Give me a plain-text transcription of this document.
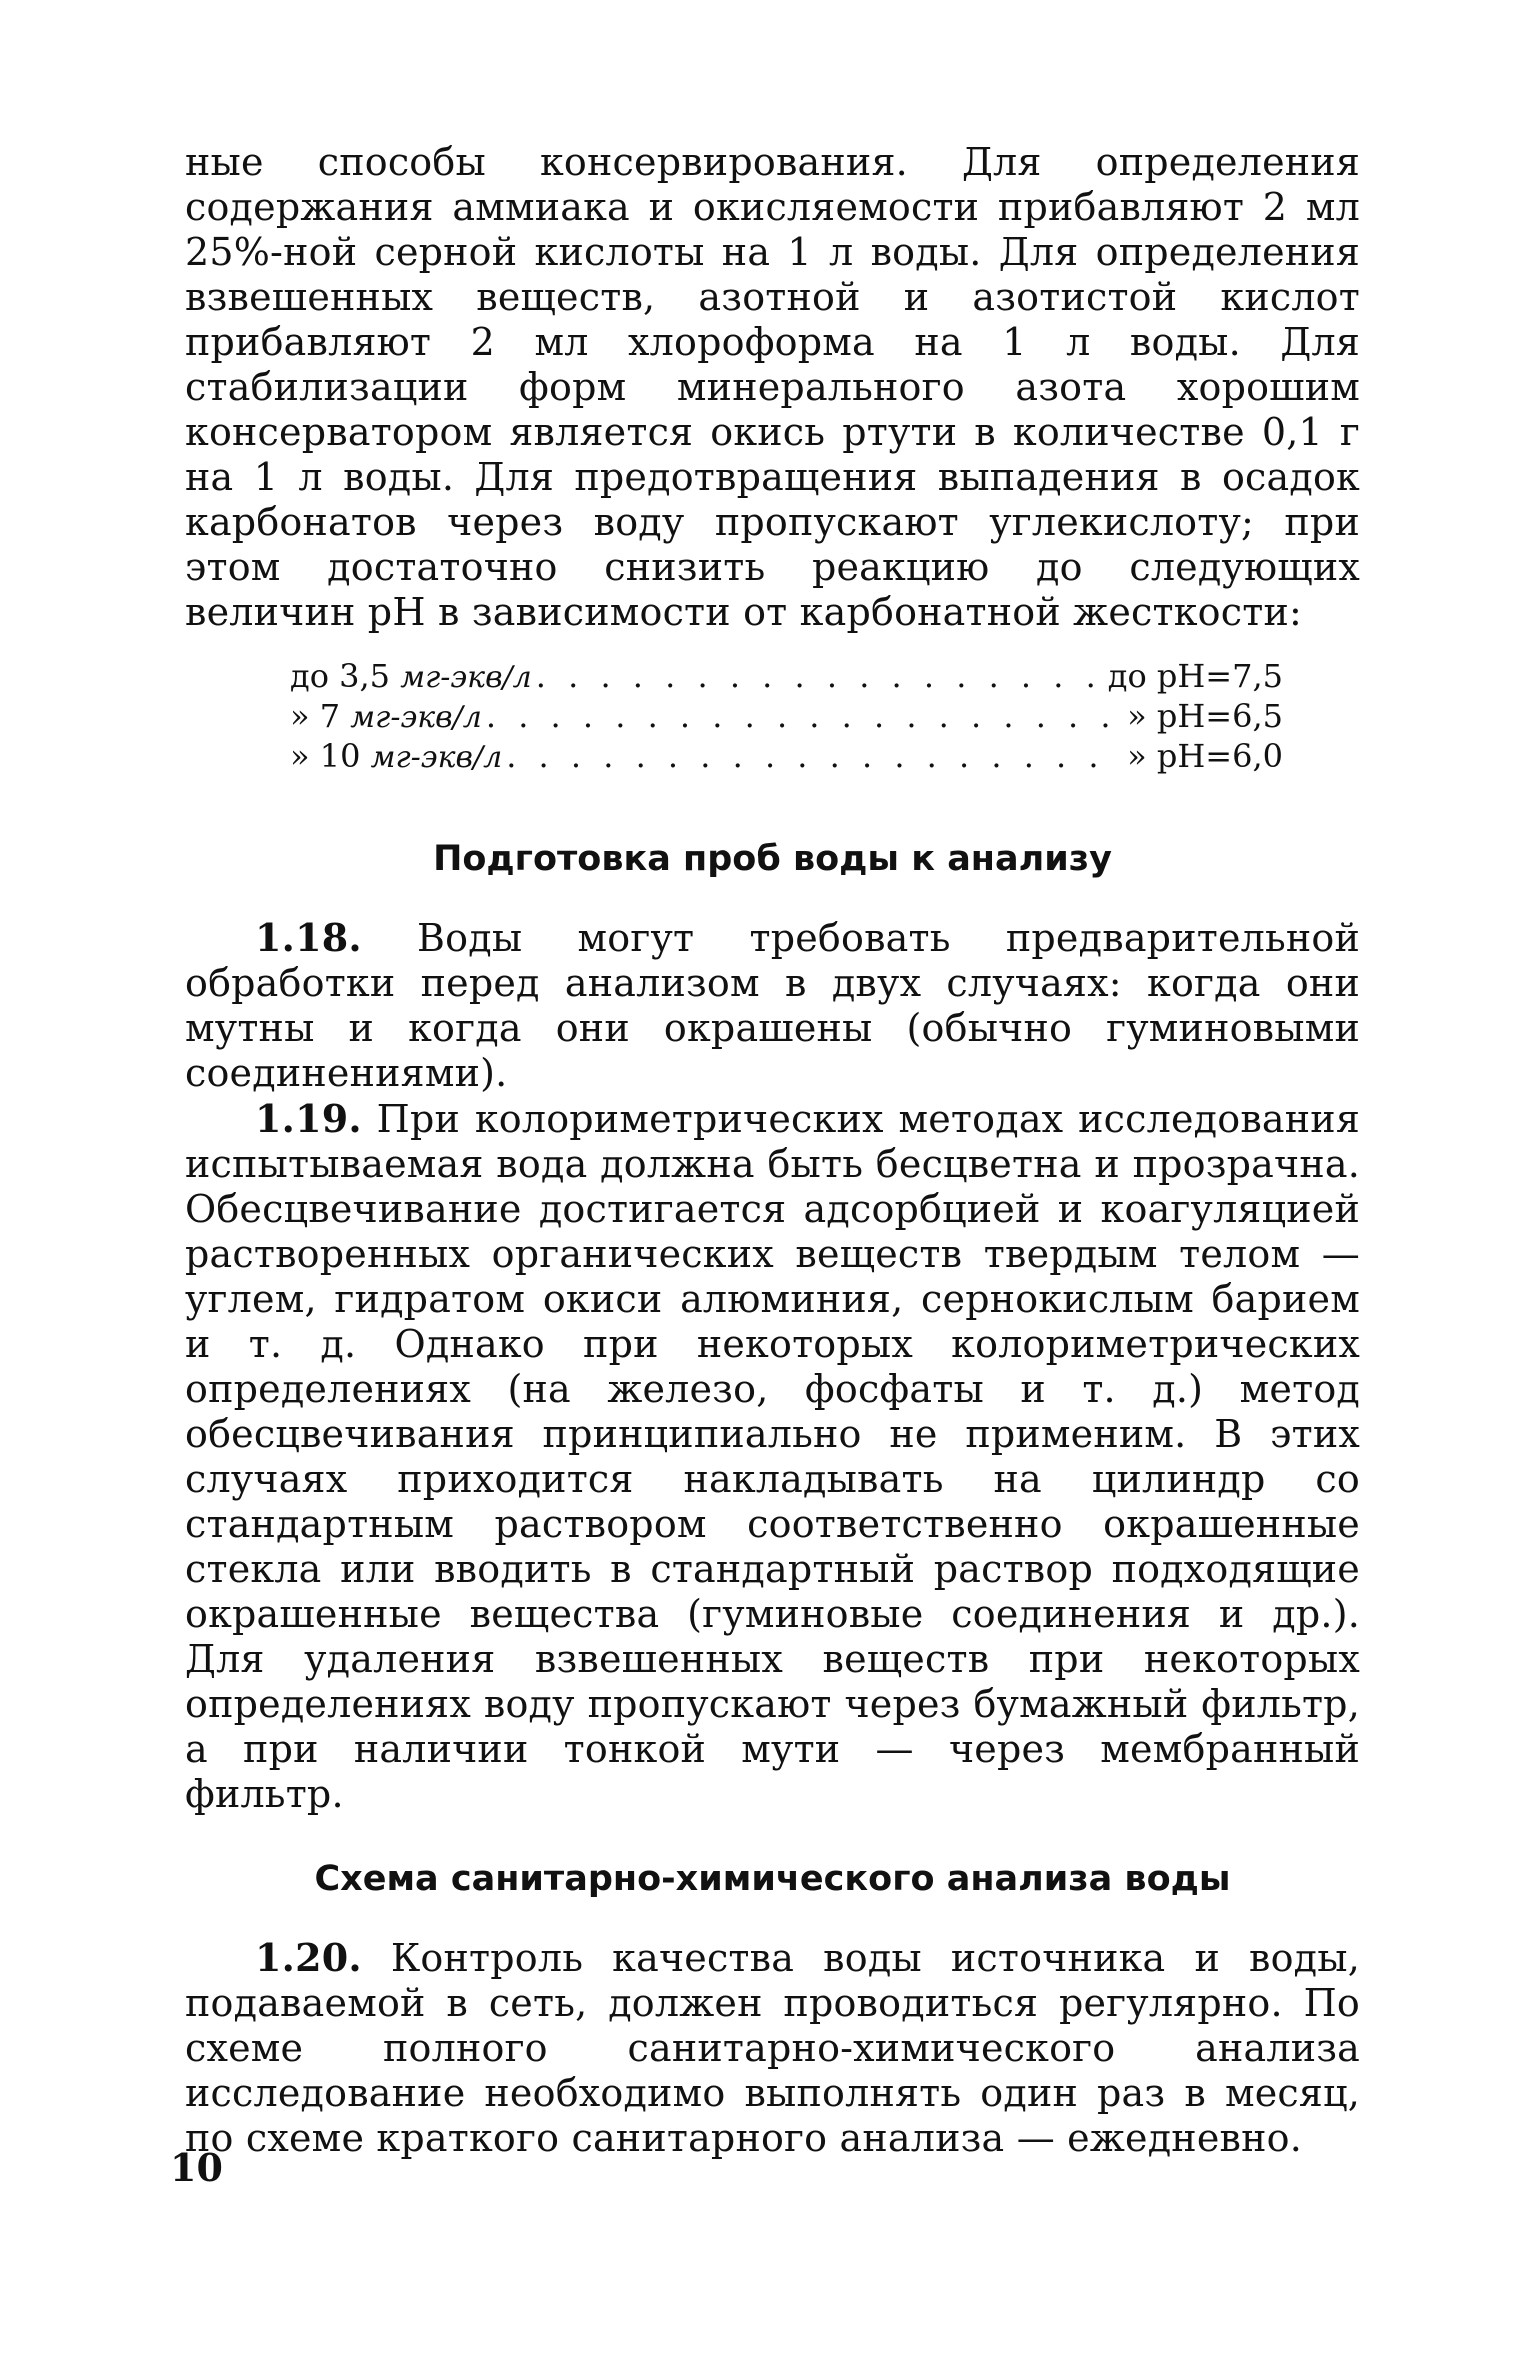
ные способы консервирования. Для определения содержания аммиака и окисляемости прибавляют 2 мл 25%-ной серной кислоты на 1 л воды. Для определения взвешенных веществ, азотной и азотистой кислот прибавляют 2 мл хлороформа на 1 л воды. Для стабилизации форм минерального азота хорошим консерватором является окись ртути в количестве 0,1 г на 1 л воды. Для предотвращения выпадения в осадок карбонатов через воду пропускают углекислоту; при этом достаточно снизить реакцию до следующих величин pH в зависимости от карбонатной жесткости:

до 3,5 мг-экв/л . . .	до pH=7,5
» 7 мг-экв/л . . .	» pH=6,5
» 10 мг-экв/л . . .	» pH=6,0
Подготовка проб воды к анализу

1.18. Воды могут требовать предварительной обработки перед анализом в двух случаях: когда они мутны и когда они окрашены (обычно гуминовыми соединениями).

1.19. При колориметрических методах исследования испытываемая вода должна быть бесцветна и прозрачна. Обесцвечивание достигается адсорбцией и коагуляцией растворенных органических веществ твердым телом — углем, гидратом окиси алюминия, сернокислым барием и т. д. Однако при некоторых колориметрических определениях (на железо, фосфаты и т. д.) метод обесцвечивания принципиально не применим. В этих случаях приходится накладывать на цилиндр со стандартным раствором соответственно окрашенные стекла или вводить в стандартный раствор подходящие окрашенные вещества (гуминовые соединения и др.). Для удаления взвешенных веществ при некоторых определениях воду пропускают через бумажный фильтр, а при наличии тонкой мути — через мембранный фильтр.

Схема санитарно-химического анализа воды

1.20. Контроль качества воды источника и воды, подаваемой в сеть, должен проводиться регулярно. По схеме полного санитарно-химического анализа исследование необходимо выполнять один раз в месяц, по схеме краткого санитарного анализа — ежедневно.

10
